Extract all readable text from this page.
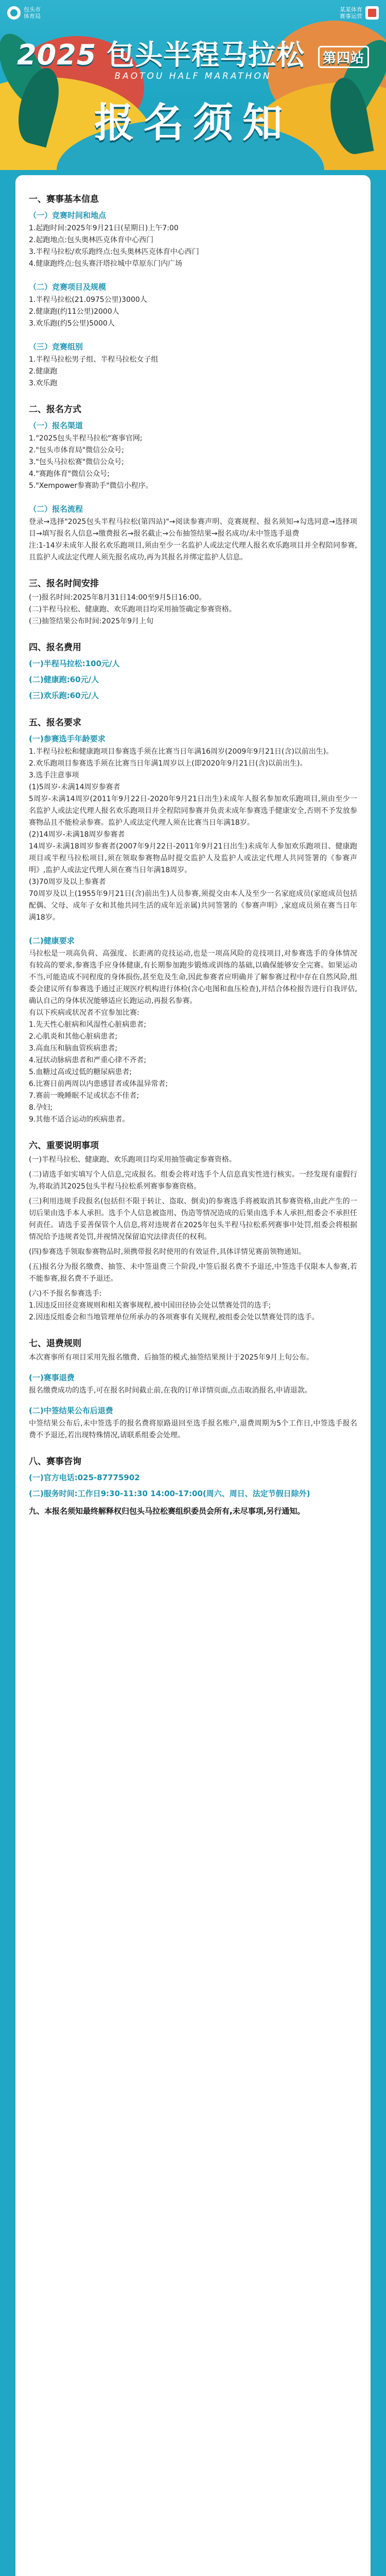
包头市
体育局
某某体育
赛事运营
2025 包头半程马拉松 第四站
BAOTOU HALF MARATHON
报名须知
一、赛事基本信息
（一）竞赛时间和地点
1.起跑时间:2025年9月21日(星期日)上午7:00
2.起跑地点:包头奥林匹克体育中心西门
3.半程马拉松/欢乐跑终点:包头奥林匹克体育中心西门
4.健康跑终点:包头赛汗塔拉城中草原东门内广场
（二）竞赛项目及规模
1.半程马拉松(21.0975公里)3000人
2.健康跑(约11公里)2000人
3.欢乐跑(约5公里)5000人
（三）竞赛组别
1.半程马拉松男子组、半程马拉松女子组
2.健康跑
3.欢乐跑
二、报名方式
（一）报名渠道
1."2025包头半程马拉松"赛事官网;
2."包头市体育局"微信公众号;
3."包头马拉松赛"微信公众号;
4."赛跑体育"微信公众号;
5."Xempower参赛助手"微信小程序。
（二）报名流程
登录→选择"2025包头半程马拉松(第四站)"→阅读参赛声明、竞赛规程、报名须知→勾选同意→选择项目→填写报名人信息→缴费报名→报名截止→公布抽签结果→报名成功/未中签选手退费
注:1-14岁未成年人报名欢乐跑项目,须由至少一名监护人或法定代理人报名欢乐跑项目并全程陪同参赛,且监护人或法定代理人须先报名成功,再为其报名并绑定监护人信息。
三、报名时间安排
(一)报名时间:2025年8月31日14:00至9月5日16:00。
(二)半程马拉松、健康跑、欢乐跑项目均采用抽签确定参赛资格。
(三)抽签结果公布时间:2025年9月上旬
四、报名费用
(一)半程马拉松:100元/人
(二)健康跑:60元/人
(三)欢乐跑:60元/人
五、报名要求
(一)参赛选手年龄要求
1.半程马拉松和健康跑项目参赛选手须在比赛当日年满16周岁(2009年9月21日(含)以前出生)。
2.欢乐跑项目参赛选手须在比赛当日年满1周岁以上(即2020年9月21日(含)以前出生)。
3.选手注意事项
(1)5周岁-未满14周岁参赛者
5周岁-未满14周岁(2011年9月22日-2020年9月21日出生)未成年人报名参加欢乐跑项目,须由至少一名监护人或法定代理人报名欢乐跑项目并全程陪同参赛并负责未成年参赛选手健康安全,否则不予发放参赛物品且不能检录参赛。监护人或法定代理人须在比赛当日年满18岁。
(2)14周岁-未满18周岁参赛者
14周岁-未满18周岁参赛者(2007年9月22日-2011年9月21日出生)未成年人参加欢乐跑项目、健康跑项目或半程马拉松项目,须在领取参赛物品时提交监护人及监护人或法定代理人共同签署的《参赛声明》,监护人或法定代理人须在赛当日年满18周岁。
(3)70周岁及以上参赛者
70周岁及以上(1955年9月21日(含)前出生)人员参赛,须提交由本人及至少一名家庭成员(家庭成员包括配偶、父母、成年子女和其他共同生活的成年近亲属)共同签署的《参赛声明》,家庭成员须在赛当日年满18岁。
(二)健康要求
马拉松是一项高负荷、高强度、长距离的竞技运动,也是一项高风险的竞技项目,对参赛选手的身体情况有较高的要求,参赛选手应身体健康,有长期参加跑步锻炼或训练的基础,以确保能够安全完赛。如果运动不当,可能造成不同程度的身体损伤,甚至危及生命,因此参赛者应明确并了解参赛过程中存在自然风险,组委会建议所有参赛选手通过正规医疗机构进行体检(含心电图和血压检查),并结合体检报告进行自我评估,确认自己的身体状况能够适应长跑运动,再报名参赛。
有以下疾病或状况者不宜参加比赛:
1.先天性心脏病和风湿性心脏病患者;
2.心肌炎和其他心脏病患者;
3.高血压和脑血管疾病患者;
4.冠状动脉病患者和严重心律不齐者;
5.血糖过高或过低的糖尿病患者;
6.比赛日前两周以内患感冒者或体温异常者;
7.赛前一晚睡眠不足或状态不佳者;
8.孕妇;
9.其他不适合运动的疾病患者。
六、重要说明事项
(一)半程马拉松、健康跑、欢乐跑项目均采用抽签确定参赛资格。
(二)请选手如实填写个人信息,完成报名。组委会将对选手个人信息真实性进行核实。一经发现有虚假行为,将取消其2025包头半程马拉松系列赛事参赛资格。
(三)利用违规手段报名(包括但不限于转让、盗取、倒卖)的参赛选手将被取消其参赛资格,由此产生的一切后果由选手本人承担。选手个人信息被盗用、伪造等情况造成的后果由选手本人承担,组委会不承担任何责任。请选手妥善保管个人信息,将对违规者在2025年包头半程马拉松系列赛事中处罚,组委会将根据情况给予违规者处罚,并视情况保留追究法律责任的权利。
(四)参赛选手领取参赛物品时,须携带报名时使用的有效证件,具体详情见赛前领物通知。
(五)报名分为报名缴费、抽签、未中签退费三个阶段,中签后报名费不予退还,中签选手仅限本人参赛,若不能参赛,报名费不予退还。
(六)不予报名参赛选手:
1.因违反田径竞赛规则和相关赛事规程,被中国田径协会处以禁赛处罚的选手;
2.因违反组委会和当地管理单位所承办的各项赛事有关规程,被组委会处以禁赛处罚的选手。
七、退费规则
本次赛事所有项目采用先报名缴费、后抽签的模式,抽签结果预计于2025年9月上旬公布。
(一)赛事退费
报名缴费成功的选手,可在报名时间截止前,在我的订单详情页面,点击取消报名,申请退款。
(二)中签结果公布后退费
中签结果公布后,未中签选手的报名费将原路退回至选手报名账户,退费周期为5个工作日,中签选手报名费不予退还,若出现特殊情况,请联系组委会处理。
八、赛事咨询
(一)官方电话:025-87775902
(二)服务时间:工作日9:30-11:30 14:00-17:00(周六、周日、法定节假日除外)
九、本报名须知最终解释权归包头马拉松赛组织委员会所有,未尽事项,另行通知。
